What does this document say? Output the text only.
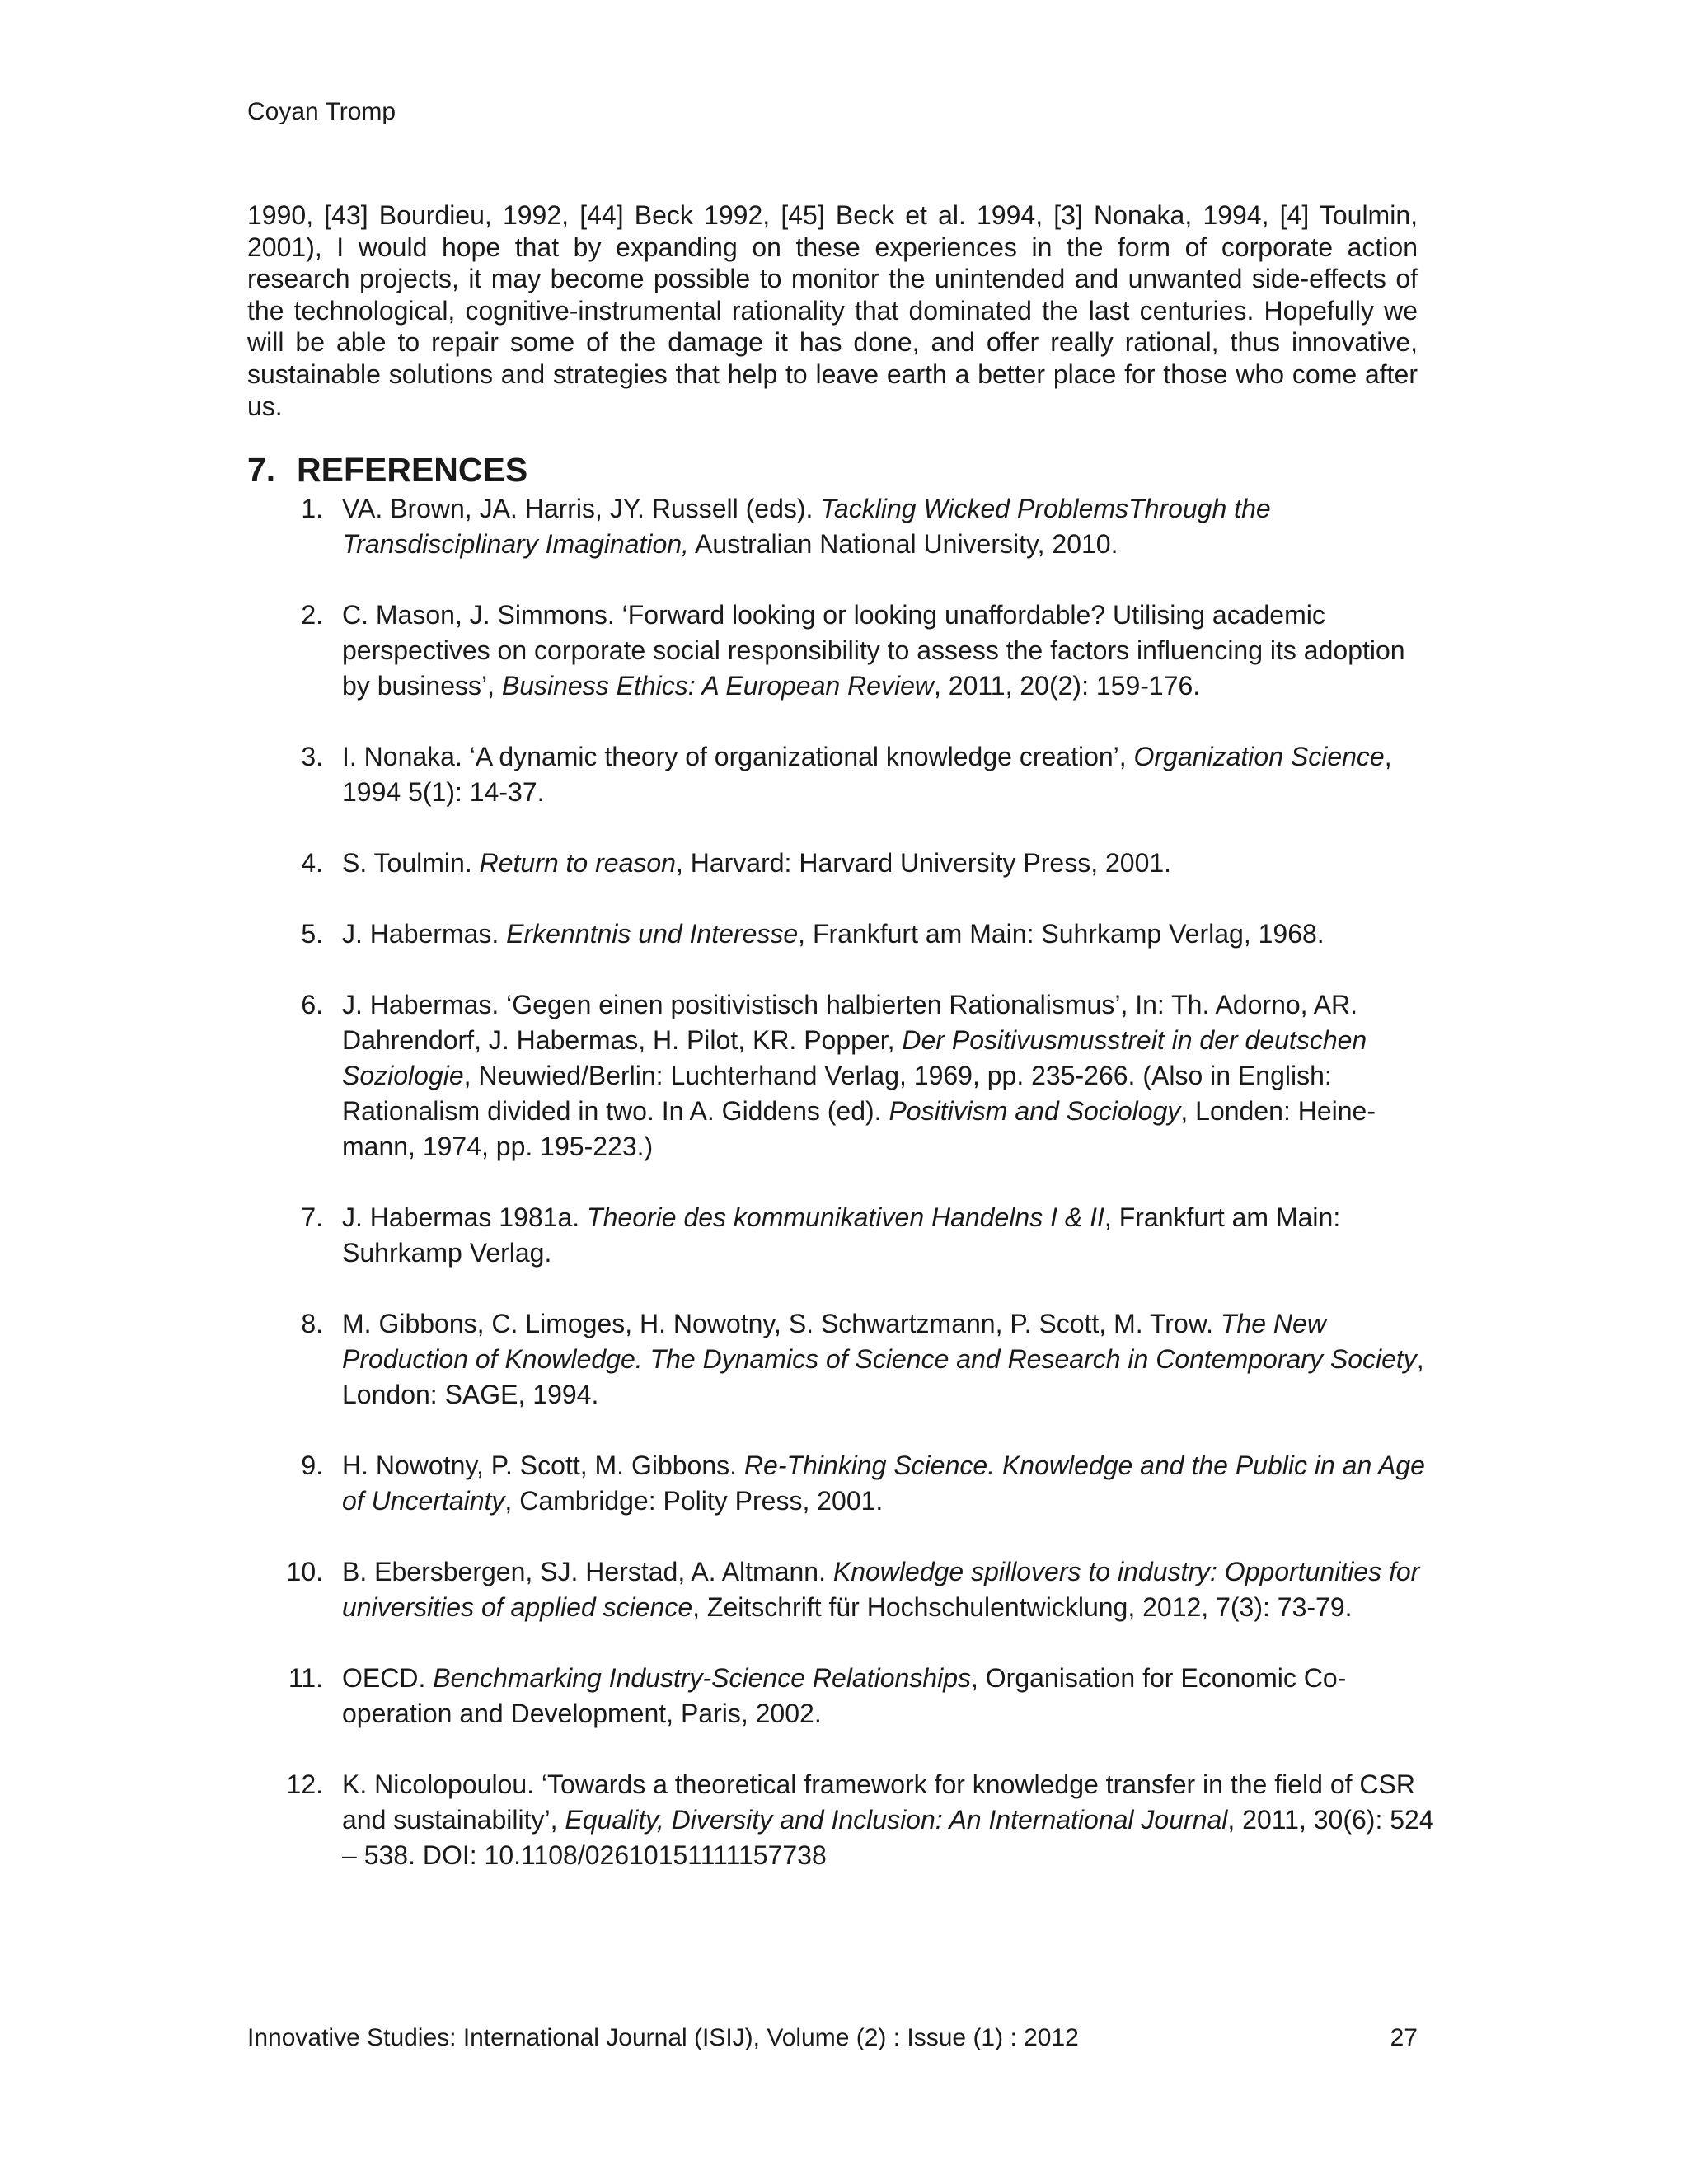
Coyan Tromp

1990, [43] Bourdieu, 1992, [44] Beck 1992, [45] Beck et al. 1994, [3] Nonaka, 1994, [4] Toulmin, 2001), I would hope that by expanding on these experiences in the form of corporate action research projects, it may become possible to monitor the unintended and unwanted side-effects of the technological, cognitive-instrumental rationality that dominated the last centuries. Hopefully we will be able to repair some of the damage it has done, and offer really rational, thus innovative, sustainable solutions and strategies that help to leave earth a better place for those who come after us.

7. REFERENCES
1. VA. Brown, JA. Harris, JY. Russell (eds). Tackling Wicked ProblemsThrough the Transdisciplinary Imagination, Australian National University, 2010.
2. C. Mason, J. Simmons. ‘Forward looking or looking unaffordable? Utilising academic perspectives on corporate social responsibility to assess the factors influencing its adoption by business’, Business Ethics: A European Review, 2011, 20(2): 159-176.
3. I. Nonaka. ‘A dynamic theory of organizational knowledge creation’, Organization Science, 1994 5(1): 14-37.
4. S. Toulmin. Return to reason, Harvard: Harvard University Press, 2001.
5. J. Habermas. Erkenntnis und Interesse, Frankfurt am Main: Suhrkamp Verlag, 1968.
6. J. Habermas. ‘Gegen einen positivistisch halbierten Rationalismus’, In: Th. Adorno, AR. Dahrendorf, J. Habermas, H. Pilot, KR. Popper, Der Positivusmusstreit in der deutschen Soziologie, Neuwied/Berlin: Luchterhand Verlag, 1969, pp. 235-266. (Also in English: Rationalism divided in two. In A. Giddens (ed). Positivism and Sociology, Londen: Heine-mann, 1974, pp. 195-223.)
7. J. Habermas 1981a. Theorie des kommunikativen Handelns I & II, Frankfurt am Main: Suhrkamp Verlag.
8. M. Gibbons, C. Limoges, H. Nowotny, S. Schwartzmann, P. Scott, M. Trow. The New Production of Knowledge. The Dynamics of Science and Research in Contemporary Society, London: SAGE, 1994.
9. H. Nowotny, P. Scott, M. Gibbons. Re-Thinking Science. Knowledge and the Public in an Age of Uncertainty, Cambridge: Polity Press, 2001.
10. B. Ebersbergen, SJ. Herstad, A. Altmann. Knowledge spillovers to industry: Opportunities for universities of applied science, Zeitschrift für Hochschulentwicklung, 2012, 7(3): 73-79.
11. OECD. Benchmarking Industry-Science Relationships, Organisation for Economic Co-operation and Development, Paris, 2002.
12. K. Nicolopoulou. ‘Towards a theoretical framework for knowledge transfer in the field of CSR and sustainability’, Equality, Diversity and Inclusion: An International Journal, 2011, 30(6): 524 – 538. DOI: 10.1108/02610151111157738
Innovative Studies: International Journal (ISIJ), Volume (2) : Issue (1) : 2012	27
